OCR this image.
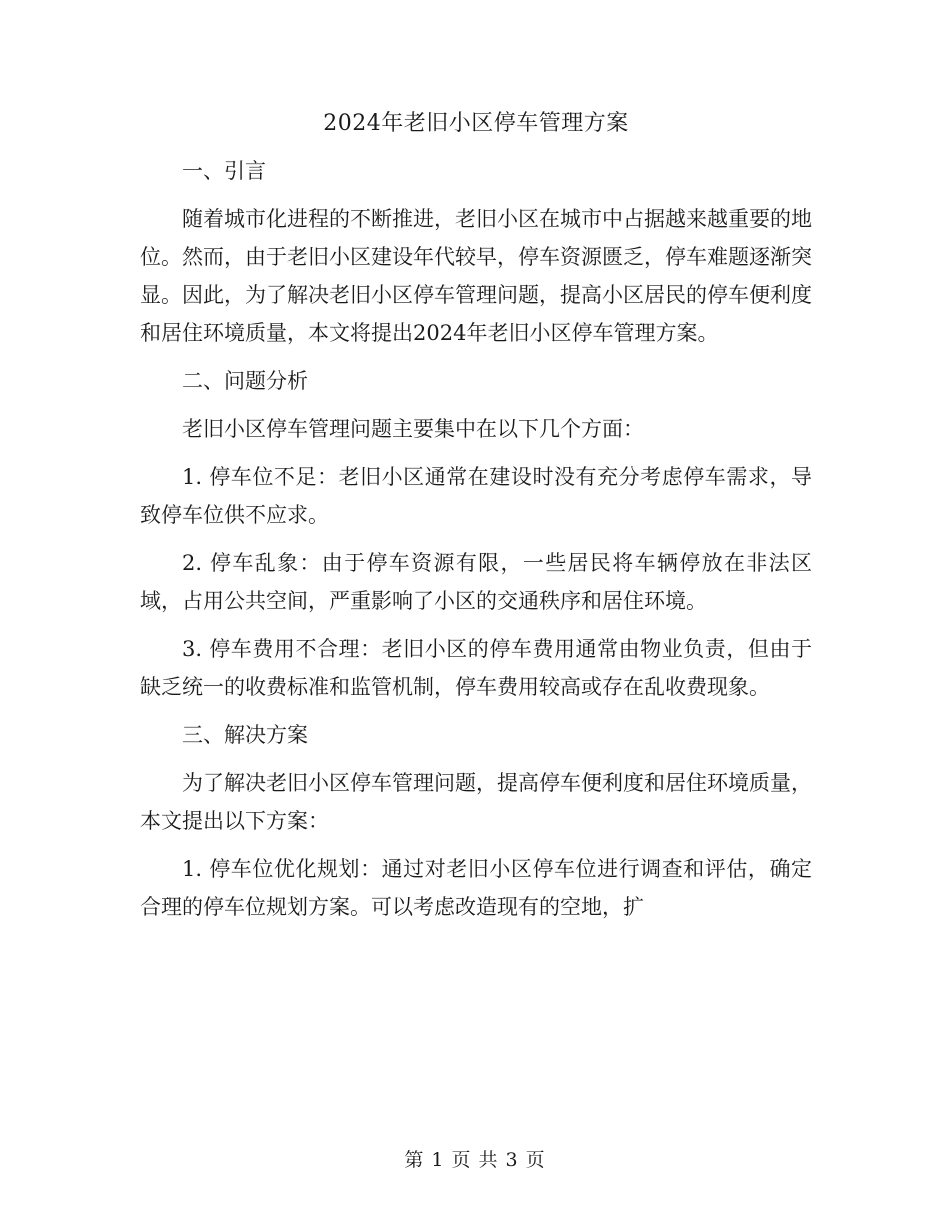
2024年老旧小区停车管理方案

一、引言

随着城市化进程的不断推进，老旧小区在城市中占据越来越重要的地位。然而，由于老旧小区建设年代较早，停车资源匮乏，停车难题逐渐突显。因此，为了解决老旧小区停车管理问题，提高小区居民的停车便利度和居住环境质量，本文将提出2024年老旧小区停车管理方案。

二、问题分析

老旧小区停车管理问题主要集中在以下几个方面：

1. 停车位不足：老旧小区通常在建设时没有充分考虑停车需求，导致停车位供不应求。

2. 停车乱象：由于停车资源有限，一些居民将车辆停放在非法区域，占用公共空间，严重影响了小区的交通秩序和居住环境。

3. 停车费用不合理：老旧小区的停车费用通常由物业负责，但由于缺乏统一的收费标准和监管机制，停车费用较高或存在乱收费现象。

三、解决方案

为了解决老旧小区停车管理问题，提高停车便利度和居住环境质量，本文提出以下方案：

1. 停车位优化规划：通过对老旧小区停车位进行调查和评估，确定合理的停车位规划方案。可以考虑改造现有的空地，扩

第 1 页 共 3 页
